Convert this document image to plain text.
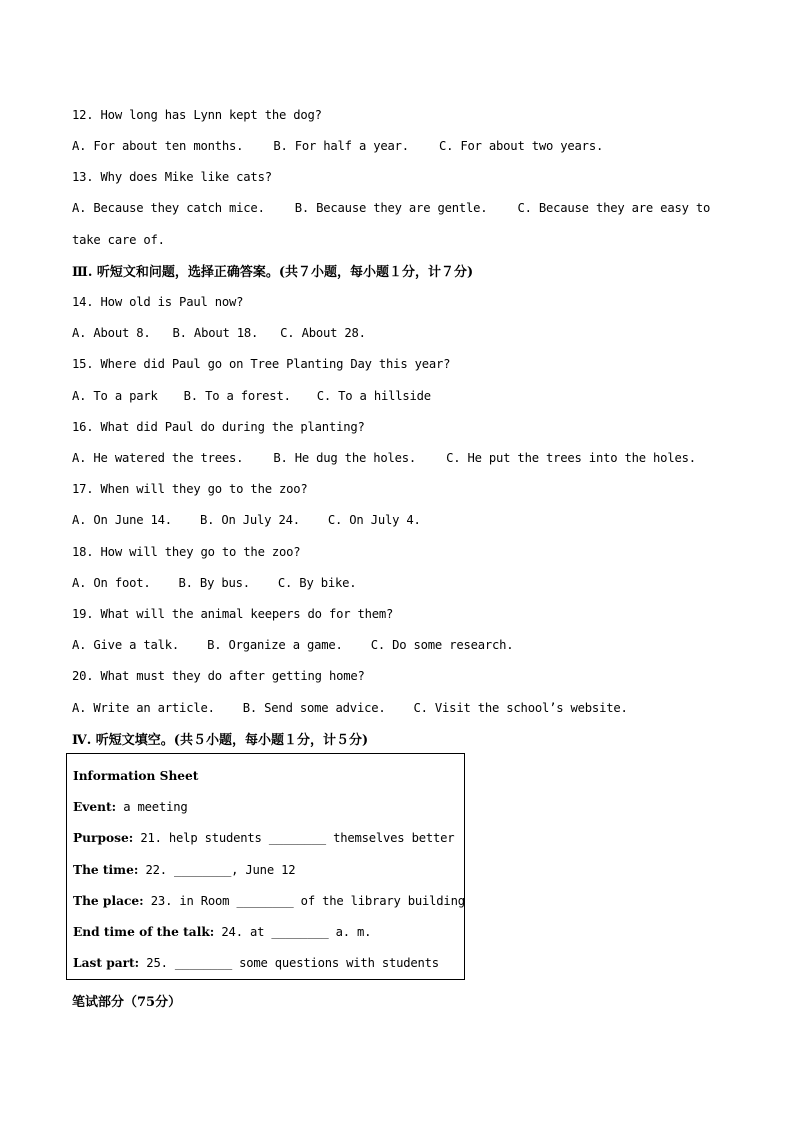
12. How long has Lynn kept the dog?
A. For about ten months. B. For half a year. C. For about two years.
13. Why does Mike like cats?
A. Because they catch mice. B. Because they are gentle. C. Because they are easy to
take care of.
Ⅲ. 听短文和问题，选择正确答案。(共７小题，每小题１分，计７分)
14. How old is Paul now?
A. About 8. B. About 18. C. About 28.
15. Where did Paul go on Tree Planting Day this year?
A. To a park B. To a forest. C. To a hillside
16. What did Paul do during the planting?
A. He watered the trees. B. He dug the holes. C. He put the trees into the holes.
17. When will they go to the zoo?
A. On June 14. B. On July 24. C. On July 4.
18. How will they go to the zoo?
A. On foot. B. By bus. C. By bike.
19. What will the animal keepers do for them?
A. Give a talk. B. Organize a game. C. Do some research.
20. What must they do after getting home?
A. Write an article. B. Send some advice. C. Visit the school’s website.
Ⅳ. 听短文填空。(共５小题，每小题１分，计５分)
Information Sheet
Event: a meeting
Purpose: 21. help students ________ themselves better
The time: 22. ________, June 12
The place: 23. in Room ________ of the library building
End time of the talk: 24. at ________ a. m.
Last part: 25. ________ some questions with students
笔试部分（75分）
